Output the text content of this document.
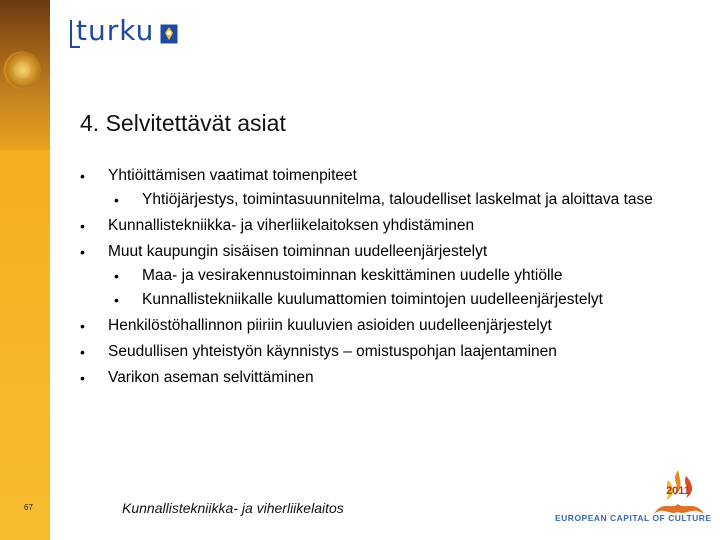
turku
4. Selvitettävät asiat
• Yhtiöittämisen vaatimat toimenpiteet
• Yhtiöjärjestys, toimintasuunnitelma, taloudelliset laskelmat ja aloittava tase
• Kunnallistekniikka- ja viherliikelaitoksen yhdistäminen
• Muut kaupungin sisäisen toiminnan uudelleenjärjestelyt
• Maa- ja vesirakennustoiminnan keskittäminen uudelle yhtiölle
• Kunnallistekniikalle kuulumattomien toimintojen uudelleenjärjestelyt
• Henkilöstöhallinnon piiriin kuuluvien asioiden uudelleenjärjestelyt
• Seudullisen yhteistyön käynnistys – omistuspohjan laajentaminen
• Varikon aseman selvittäminen
67	Kunnallistekniikka- ja viherliikelaitos
2011
EUROPEAN CAPITAL OF CULTURE
